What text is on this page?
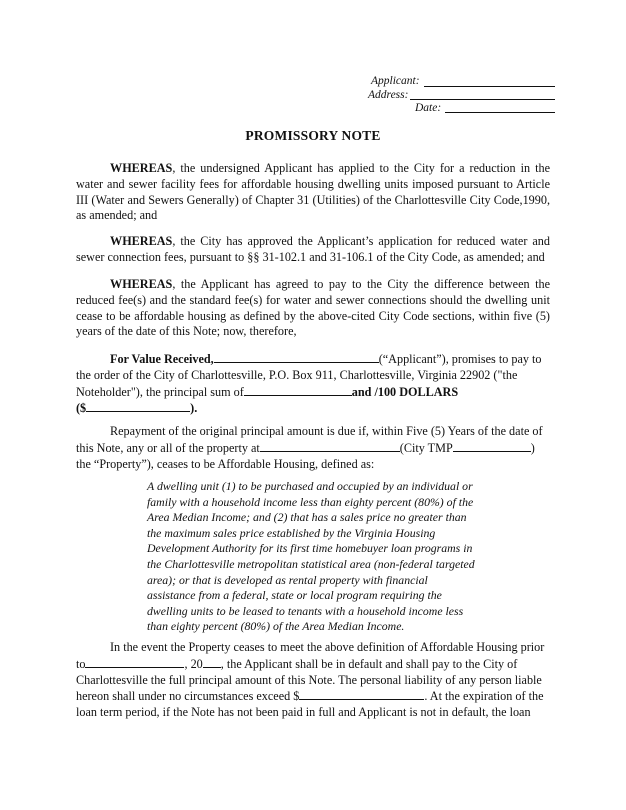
Applicant:
Address:
Date:
PROMISSORY NOTE
WHEREAS, the undersigned Applicant has applied to the City for a reduction in the water and sewer facility fees for affordable housing dwelling units imposed pursuant to Article III (Water and Sewers Generally) of Chapter 31 (Utilities) of the Charlottesville City Code,1990, as amended; and
WHEREAS, the City has approved the Applicant’s application for reduced water and sewer connection fees, pursuant to §§ 31-102.1 and 31-106.1 of the City Code, as amended; and
WHEREAS, the Applicant has agreed to pay to the City the difference between the reduced fee(s) and the standard fee(s) for water and sewer connections should the dwelling unit cease to be affordable housing as defined by the above-cited City Code sections, within five (5) years of the date of this Note; now, therefore,
For Value Received,	(“Applicant”), promises to pay to
the order of the City of Charlottesville, P.O. Box 911, Charlottesville, Virginia 22902 ("the
Noteholder"), the principal sum of	and /100 DOLLARS
($	).
Repayment of the original principal amount is due if, within Five (5) Years of the date of
this Note, any or all of the property at	(City TMP	)
the “Property”), ceases to be Affordable Housing, defined as:
A dwelling unit (1) to be purchased and occupied by an individual or
family with a household income less than eighty percent (80%) of the
Area Median Income; and (2) that has a sales price no greater than
the maximum sales price established by the Virginia Housing
Development Authority for its first time homebuyer loan programs in
the Charlottesville metropolitan statistical area (non-federal targeted
area); or that is developed as rental property with financial
assistance from a federal, state or local program requiring the
dwelling units to be leased to tenants with a household income less
than eighty percent (80%) of the Area Median Income.
In the event the Property ceases to meet the above definition of Affordable Housing prior
to	, 20 , the Applicant shall be in default and shall pay to the City of
Charlottesville the full principal amount of this Note. The personal liability of any person liable
hereon shall under no circumstances exceed $	. At the expiration of the
loan term period, if the Note has not been paid in full and Applicant is not in default, the loan
